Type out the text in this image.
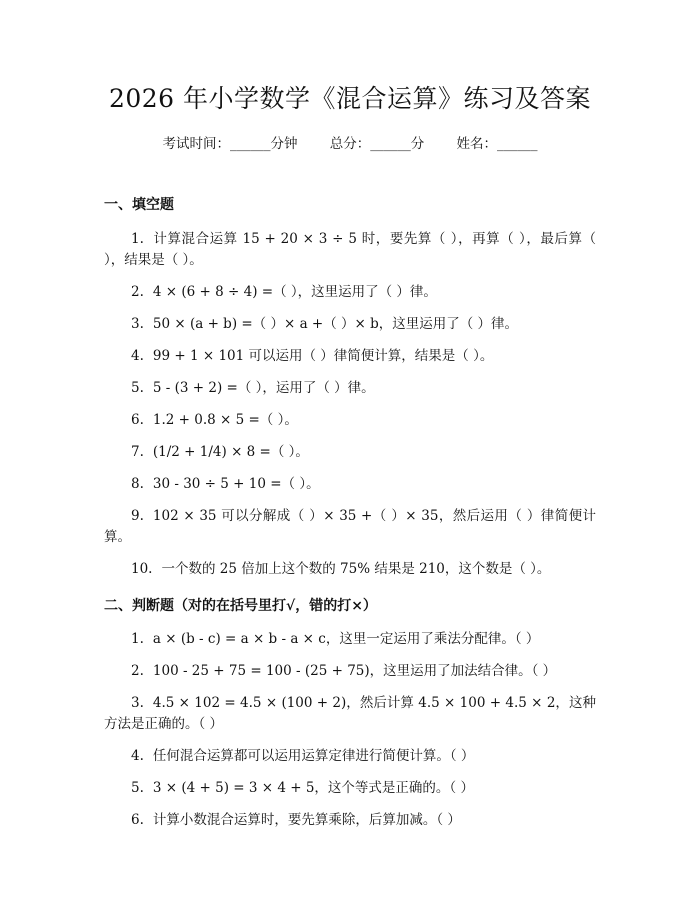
2026 年小学数学《混合运算》练习及答案
考试时间：______分钟 总分：______分 姓名：______
一、填空题
1. 计算混合运算 15 + 20 × 3 ÷ 5 时，要先算（ ），再算（ ），最后算（ ），结果是（ ）。
2. 4 × (6 + 8 ÷ 4) =（ ），这里运用了（ ）律。
3. 50 × (a + b) =（ ）× a +（ ）× b，这里运用了（ ）律。
4. 99 + 1 × 101 可以运用（ ）律简便计算，结果是（ ）。
5. 5 - (3 + 2) =（ ），运用了（ ）律。
6. 1.2 + 0.8 × 5 =（ ）。
7. (1/2 + 1/4) × 8 =（ ）。
8. 30 - 30 ÷ 5 + 10 =（ ）。
9. 102 × 35 可以分解成（ ）× 35 +（ ）× 35，然后运用（ ）律简便计算。
10. 一个数的 25 倍加上这个数的 75% 结果是 210，这个数是（ ）。
二、判断题（对的在括号里打√，错的打×）
1. a × (b - c) = a × b - a × c，这里一定运用了乘法分配律。（ ）
2. 100 - 25 + 75 = 100 - (25 + 75)，这里运用了加法结合律。（ ）
3. 4.5 × 102 = 4.5 × (100 + 2)，然后计算 4.5 × 100 + 4.5 × 2，这种方法是正确的。（ ）
4. 任何混合运算都可以运用运算定律进行简便计算。（ ）
5. 3 × (4 + 5) = 3 × 4 + 5，这个等式是正确的。（ ）
6. 计算小数混合运算时，要先算乘除，后算加减。（ ）
